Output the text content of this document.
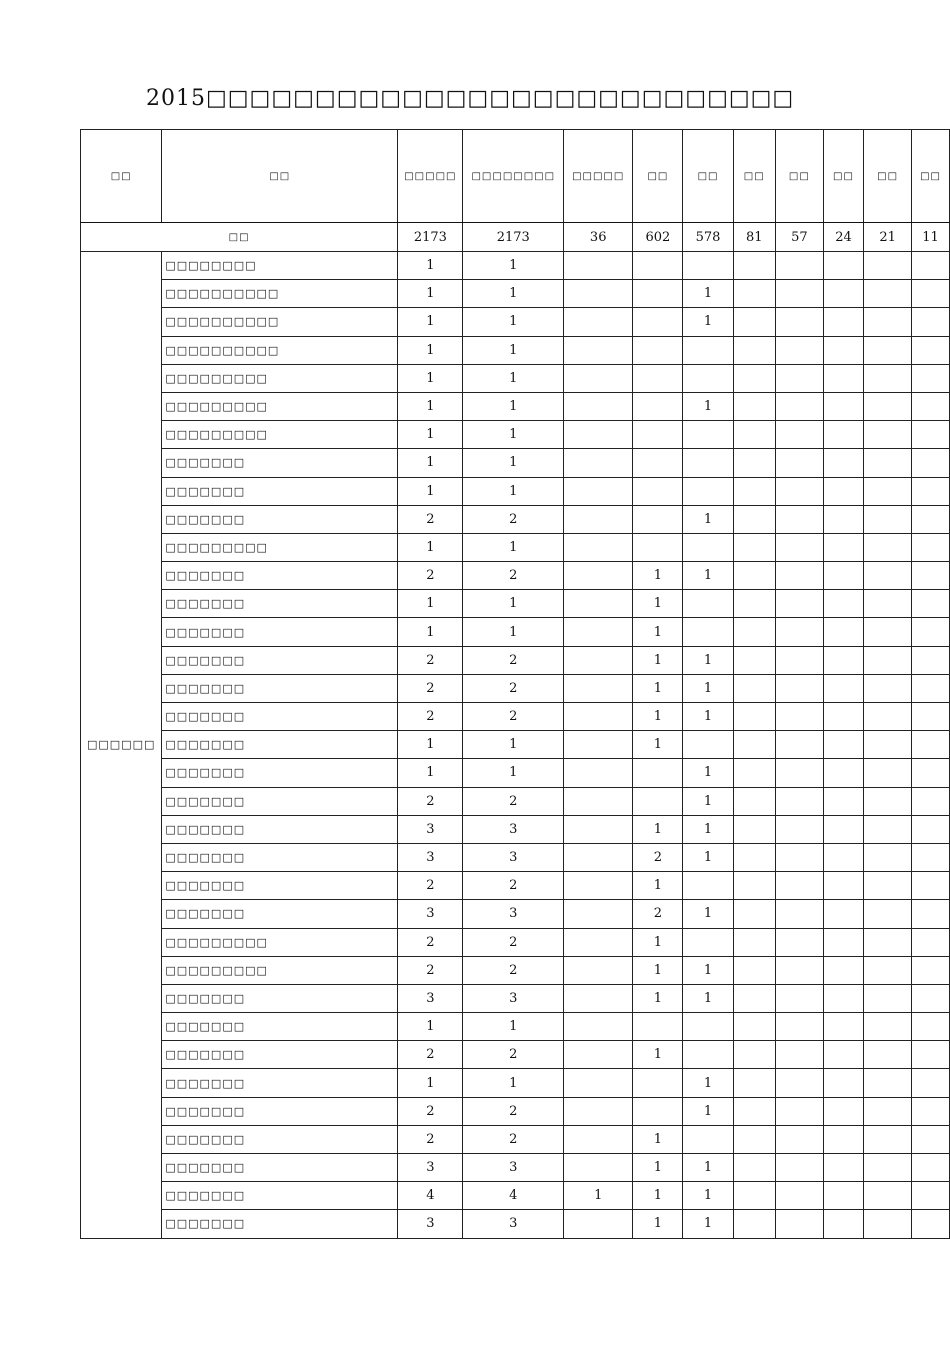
2015□□□□□□□□□□□□□□□□□□□□□□□□□□□
□□	□□	□□□□□	□□□□□□□□	□□□□□	□□	□□	□□	□□	□□	□□	□□
□□		2173	2173	36	602	578	81	57	24	21	11
□□□□□□	□□□□□□□□	1	1								
	□□□□□□□□□□	1	1			1					
	□□□□□□□□□□	1	1			1					
	□□□□□□□□□□	1	1								
	□□□□□□□□□	1	1								
	□□□□□□□□□	1	1			1					
	□□□□□□□□□	1	1								
	□□□□□□□	1	1								
	□□□□□□□	1	1								
	□□□□□□□	2	2			1					
	□□□□□□□□□	1	1								
	□□□□□□□	2	2		1	1					
	□□□□□□□	1	1		1						
	□□□□□□□	1	1		1						
	□□□□□□□	2	2		1	1					
	□□□□□□□	2	2		1	1					
	□□□□□□□	2	2		1	1					
	□□□□□□□	1	1		1						
	□□□□□□□	1	1			1					
	□□□□□□□	2	2			1					
	□□□□□□□	3	3		1	1					
	□□□□□□□	3	3		2	1					
	□□□□□□□	2	2		1						
	□□□□□□□	3	3		2	1					
	□□□□□□□□□	2	2		1						
	□□□□□□□□□	2	2		1	1					
	□□□□□□□	3	3		1	1					
	□□□□□□□	1	1								
	□□□□□□□	2	2		1						
	□□□□□□□	1	1			1					
	□□□□□□□	2	2			1					
	□□□□□□□	2	2		1						
	□□□□□□□	3	3		1	1					
	□□□□□□□	4	4	1	1	1					
	□□□□□□□	3	3		1	1					
